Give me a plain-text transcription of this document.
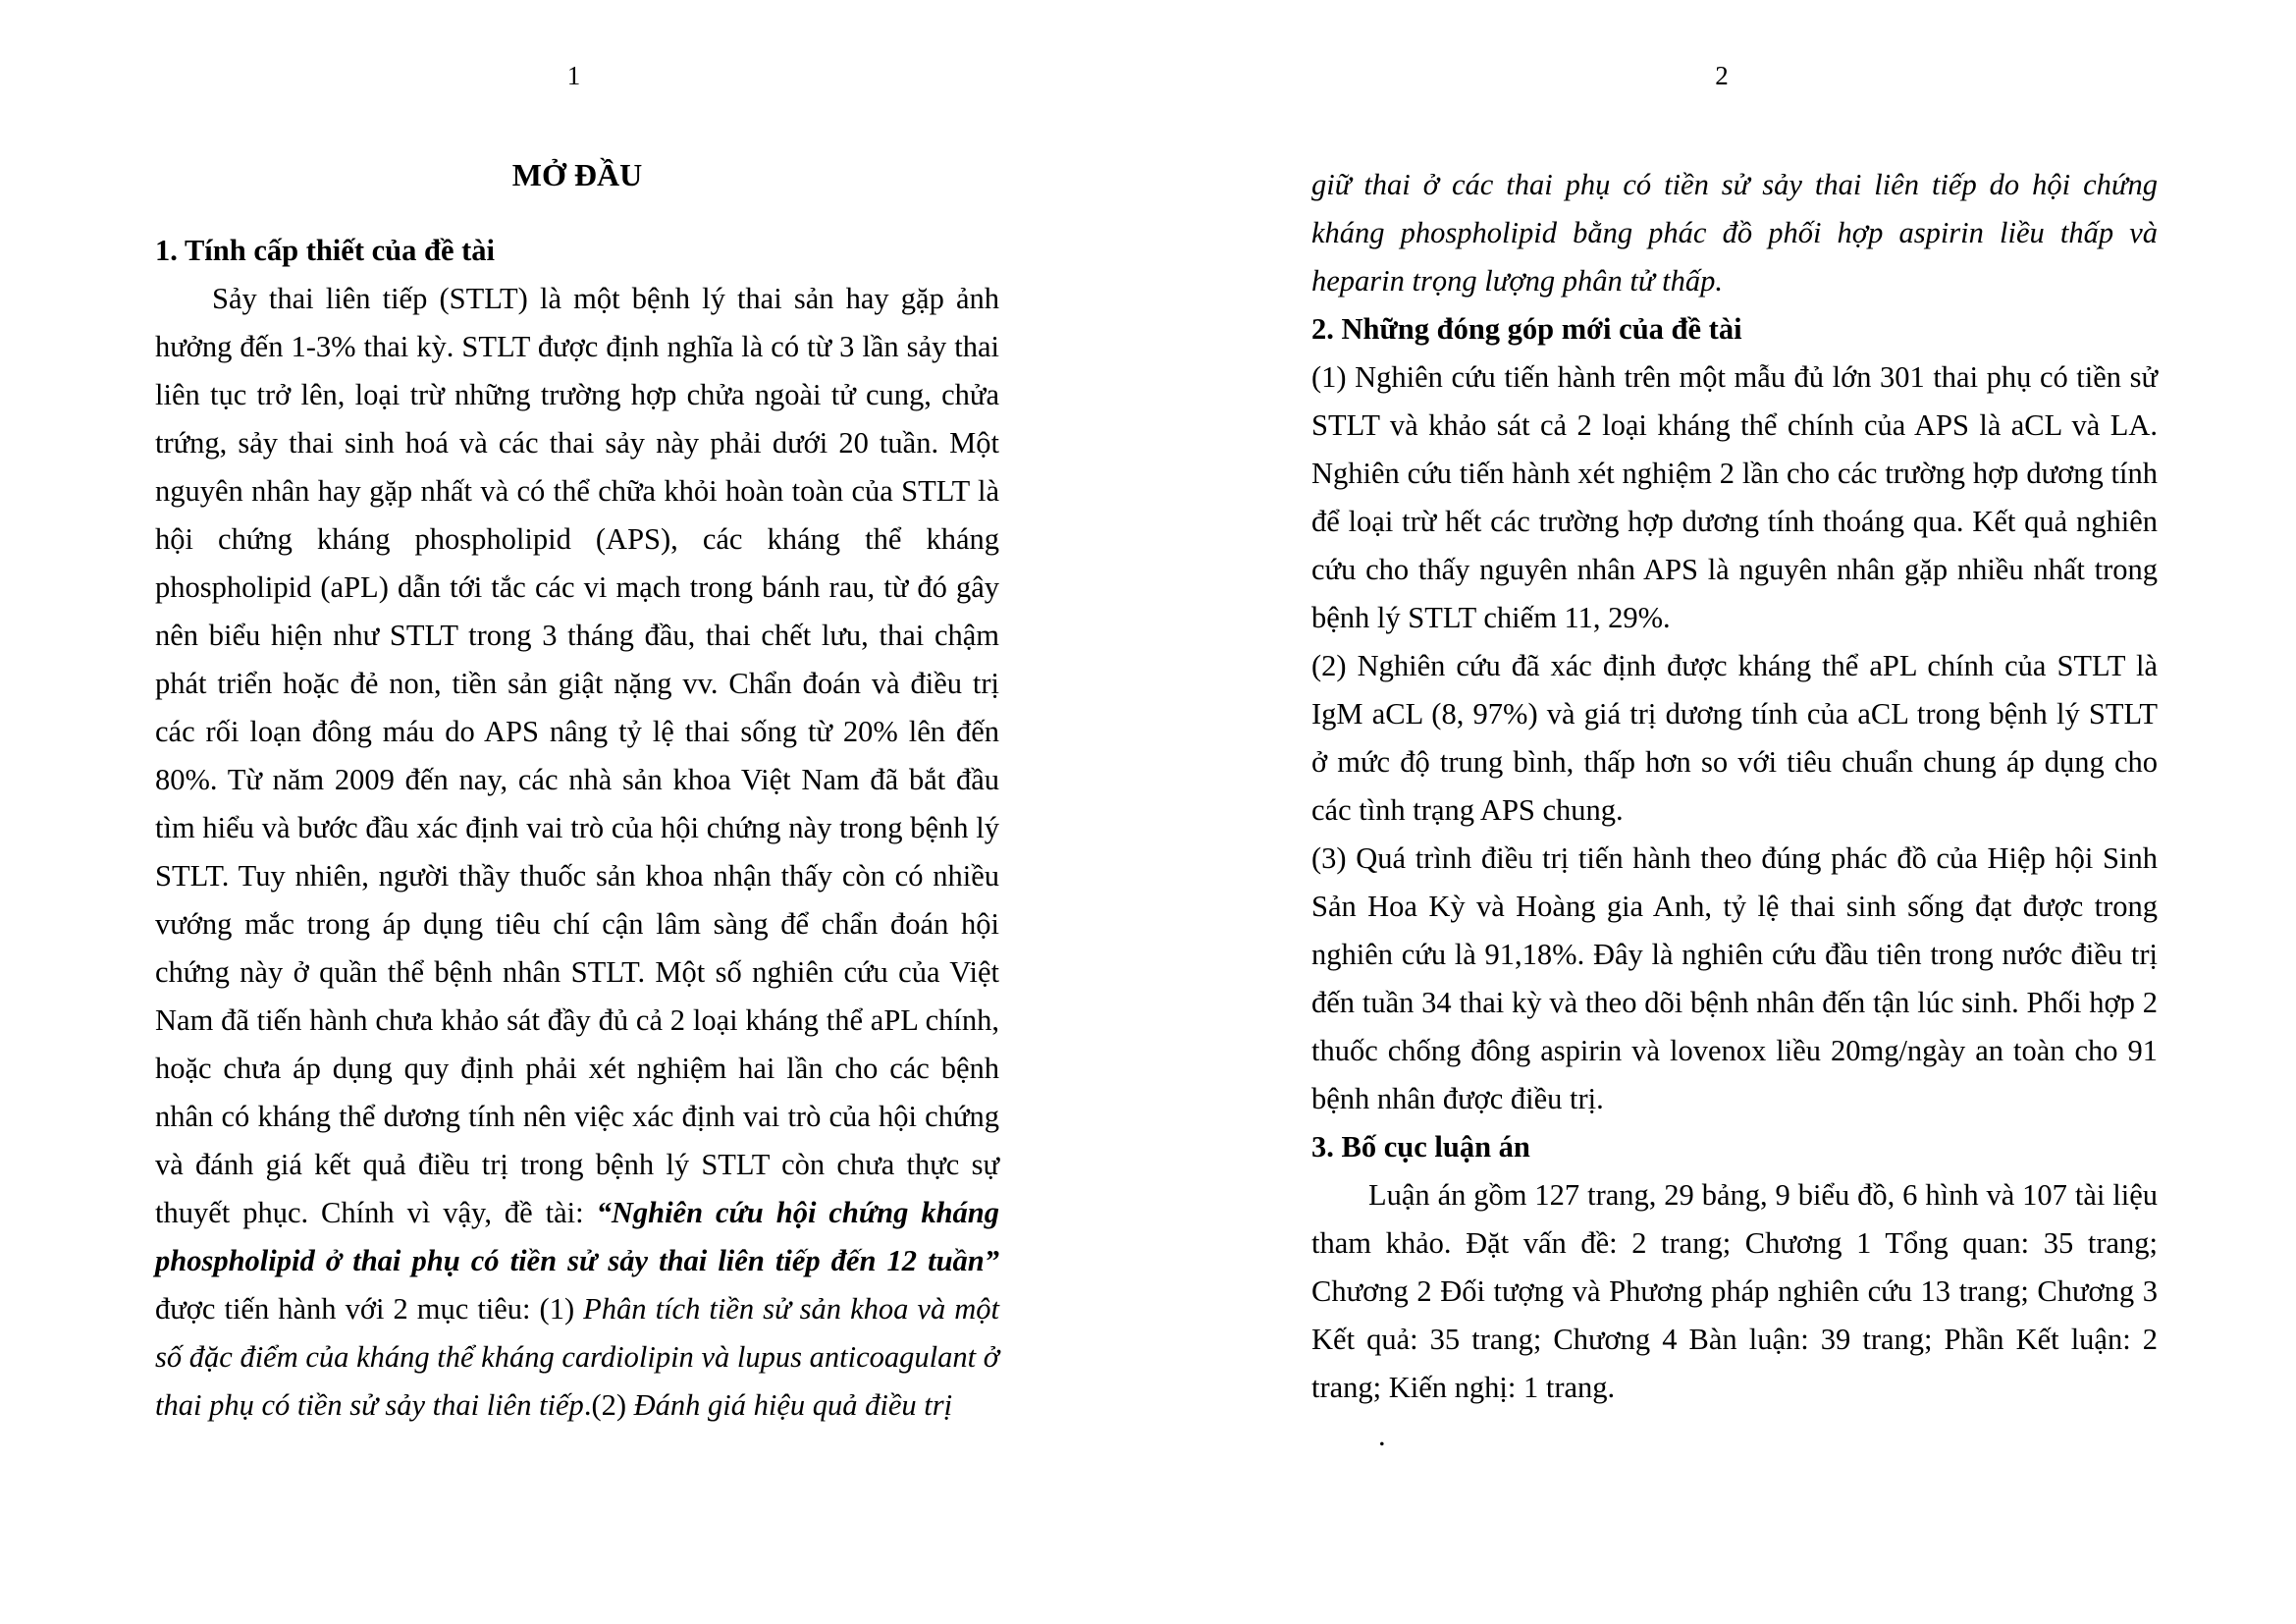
1
MỞ ĐẦU

1. Tính cấp thiết của đề tài

Sảy thai liên tiếp (STLT) là một bệnh lý thai sản hay gặp ảnh hưởng đến 1-3% thai kỳ. STLT được định nghĩa là có từ 3 lần sảy thai liên tục trở lên, loại trừ những trường hợp chửa ngoài tử cung, chửa trứng, sảy thai sinh hoá và các thai sảy này phải dưới 20 tuần. Một nguyên nhân hay gặp nhất và có thể chữa khỏi hoàn toàn của STLT là hội chứng kháng phospholipid (APS), các kháng thể kháng phospholipid (aPL) dẫn tới tắc các vi mạch trong bánh rau, từ đó gây nên biểu hiện như STLT trong 3 tháng đầu, thai chết lưu, thai chậm phát triển hoặc đẻ non, tiền sản giật nặng vv. Chẩn đoán và điều trị các rối loạn đông máu do APS nâng tỷ lệ thai sống từ 20% lên đến 80%. Từ năm 2009 đến nay, các nhà sản khoa Việt Nam đã bắt đầu tìm hiểu và bước đầu xác định vai trò của hội chứng này trong bệnh lý STLT. Tuy nhiên, người thầy thuốc sản khoa nhận thấy còn có nhiều vướng mắc trong áp dụng tiêu chí cận lâm sàng để chẩn đoán hội chứng này ở quần thể bệnh nhân STLT. Một số nghiên cứu của Việt Nam đã tiến hành chưa khảo sát đầy đủ cả 2 loại kháng thể aPL chính, hoặc chưa áp dụng quy định phải xét nghiệm hai lần cho các bệnh nhân có kháng thể dương tính nên việc xác định vai trò của hội chứng và đánh giá kết quả điều trị trong bệnh lý STLT còn chưa thực sự thuyết phục. Chính vì vậy, đề tài: “Nghiên cứu hội chứng kháng phospholipid ở thai phụ có tiền sử sảy thai liên tiếp đến 12 tuần” được tiến hành với 2 mục tiêu: (1) Phân tích tiền sử sản khoa và một số đặc điểm của kháng thể kháng cardiolipin và lupus anticoagulant ở thai phụ có tiền sử sảy thai liên tiếp.(2) Đánh giá hiệu quả điều trị

2

giữ thai ở các thai phụ có tiền sử sảy thai liên tiếp do hội chứng kháng phospholipid bằng phác đồ phối hợp aspirin liều thấp và heparin trọng lượng phân tử thấp.

2. Những đóng góp mới của đề tài

(1) Nghiên cứu tiến hành trên một mẫu đủ lớn 301 thai phụ có tiền sử STLT và khảo sát cả 2 loại kháng thể chính của APS là aCL và LA. Nghiên cứu tiến hành xét nghiệm 2 lần cho các trường hợp dương tính để loại trừ hết các trường hợp dương tính thoáng qua. Kết quả nghiên cứu cho thấy nguyên nhân APS là nguyên nhân gặp nhiều nhất trong bệnh lý STLT chiếm 11, 29%.

(2) Nghiên cứu đã xác định được kháng thể aPL chính của STLT là IgM aCL (8, 97%) và giá trị dương tính của aCL trong bệnh lý STLT ở mức độ trung bình, thấp hơn so với tiêu chuẩn chung áp dụng cho các tình trạng APS chung.

(3) Quá trình điều trị tiến hành theo đúng phác đồ của Hiệp hội Sinh Sản Hoa Kỳ và Hoàng gia Anh, tỷ lệ thai sinh sống đạt được trong nghiên cứu là 91,18%. Đây là nghiên cứu đầu tiên trong nước điều trị đến tuần 34 thai kỳ và theo dõi bệnh nhân đến tận lúc sinh. Phối hợp 2 thuốc chống đông aspirin và lovenox liều 20mg/ngày an toàn cho 91 bệnh nhân được điều trị.

3. Bố cục luận án

Luận án gồm 127 trang, 29 bảng, 9 biểu đồ, 6 hình và 107 tài liệu tham khảo. Đặt vấn đề: 2 trang; Chương 1 Tổng quan: 35 trang; Chương 2 Đối tượng và Phương pháp nghiên cứu 13 trang; Chương 3 Kết quả: 35 trang; Chương 4 Bàn luận: 39 trang; Phần Kết luận: 2 trang; Kiến nghị: 1 trang.

.
